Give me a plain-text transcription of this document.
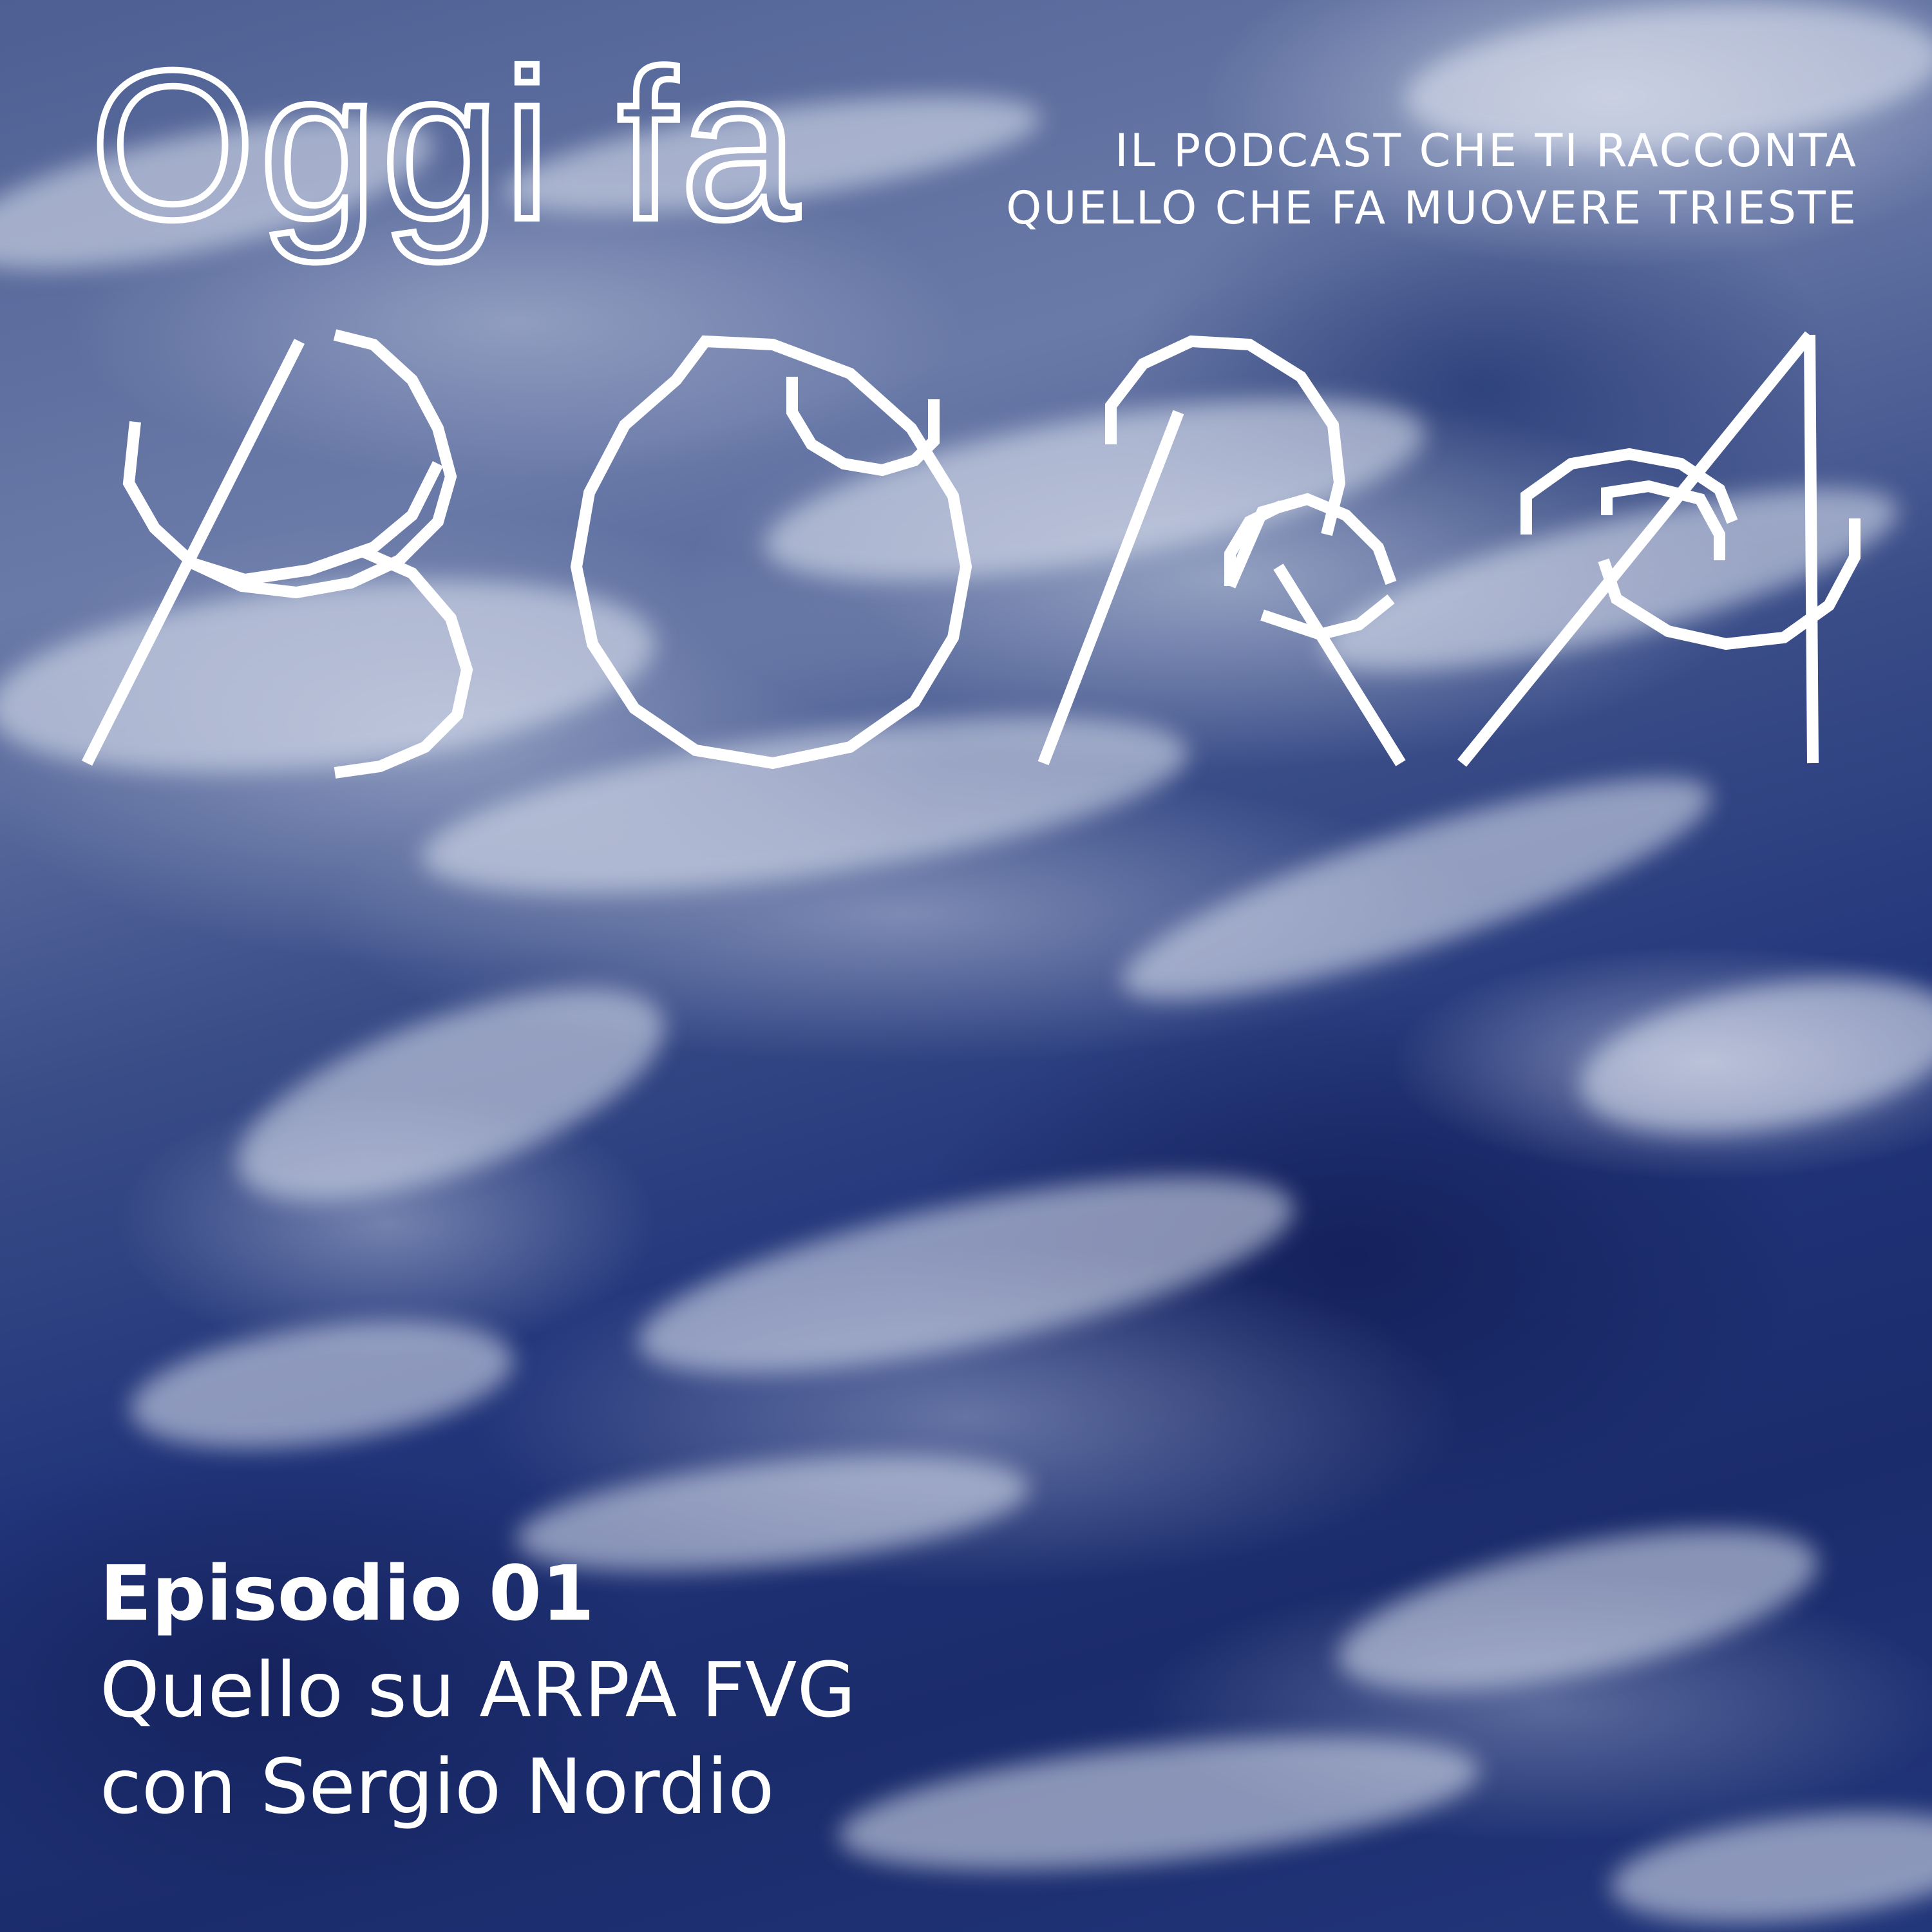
Oggi fa	IL PODCAST CHE TI RACCONTA
QUELLO CHE FA MUOVERE TRIESTE
Episodio 01
Quello su ARPA FVG
con Sergio Nordio
